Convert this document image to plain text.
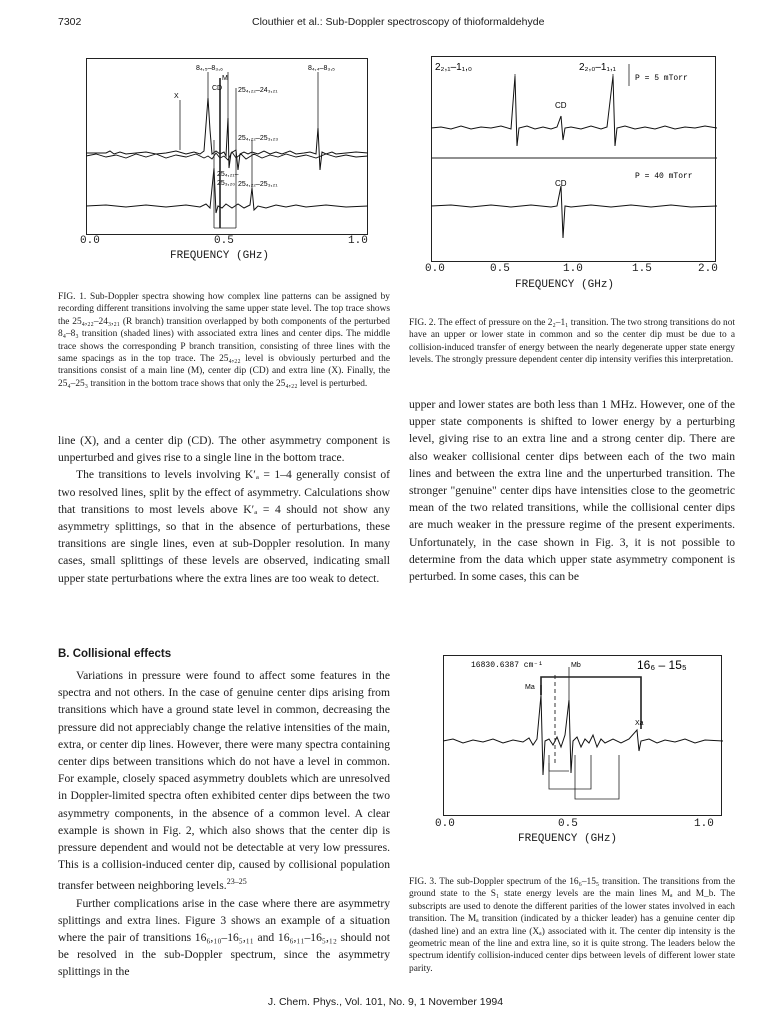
7302	Clouthier et al.: Sub-Doppler spectroscopy of thioformaldehyde
8₄,₅–8₃,₆	8₄,₄–8₃,₅
M
CD
X
25₄,₂₂–24₃,₂₁
25₄,₂₂–25₃,₂₃
25₄,₂₁–
25₃,₂₀ 25₄,₂₂–25₃,₂₁
0.0	0.5	1.0
FREQUENCY (GHz)
FIG. 1. Sub-Doppler spectra showing how complex line patterns can be assigned by recording different transitions involving the same upper state level. The top trace shows the 25₄,₂₂–24₃,₂₁ (R branch) transition overlapped by both components of the perturbed 8₄–8₃ transition (shaded lines) with associated extra lines and center dips. The middle trace shows the corresponding P branch transition, consisting of three lines with the same spacings as in the top trace. The 25₄,₂₂ level is obviously perturbed and the transitions consist of a main line (M), center dip (CD) and extra line (X). Finally, the 25₄–25₃ transition in the bottom trace shows that only the 25₄,₂₂ level is perturbed.
2₂,₁–1₁,₀	2₂,₀–1₁,₁
CD
CD
P = 5 mTorr
P = 40 mTorr
0.0	0.5	1.0	1.5	2.0
FREQUENCY (GHz)
FIG. 2. The effect of pressure on the 2₂–1₁ transition. The two strong transitions do not have an upper or lower state in common and so the center dip must be due to a collision-induced transfer of energy between the nearly degenerate upper state energy levels. The strongly pressure dependent center dip intensity verifies this interpretation.

line (X), and a center dip (CD). The other asymmetry component is unperturbed and gives rise to a single line in the bottom trace.

The transitions to levels involving K′ₐ = 1–4 generally consist of two resolved lines, split by the effect of asymmetry. Calculations show that transitions to most levels above K′ₐ = 4 should not show any asymmetry splittings, so that in the absence of perturbations, these transitions are single lines, even at sub-Doppler resolution. In many cases, small splittings of these levels are observed, indicating small upper state perturbations where the extra lines are too weak to detect.

B. Collisional effects

Variations in pressure were found to affect some features in the spectra and not others. In the case of genuine center dips arising from transitions which have a ground state level in common, decreasing the pressure did not appreciably change the relative intensities of the main, extra, or center dip lines. However, there were many spectra containing center dips between transitions which do not have a level in common. For example, closely spaced asymmetry doublets which are unresolved in Doppler-limited spectra often exhibited center dips between the two asymmetry components, in the absence of a common level. A clear example is shown in Fig. 2, which also shows that the center dip is pressure dependent and would not be detectable at very low pressures. This is a collision-induced center dip, caused by collisional population transfer between neighboring levels.$^{23-25}$

Further complications arise in the case where there are asymmetry splittings and extra lines. Figure 3 shows an example of a situation where the pair of transitions 16₆,₁₀–16₅,₁₁ and 16₆,₁₁–16₅,₁₂ should not be resolved in the sub-Doppler spectrum, since the asymmetry splittings in the

upper and lower states are both less than 1 MHz. However, one of the upper state components is shifted to lower energy by a perturbing level, giving rise to an extra line and a strong center dip. There are also weaker collisional center dips between each of the two main lines and between the extra line and the unperturbed transition. The stronger "genuine" center dips have intensities close to the geometric mean of the two related transitions, while the collisional center dips are much weaker in the pressure regime of the present experiments. Unfortunately, in the case shown in Fig. 3, it is not possible to determine from the data which upper state asymmetry component is perturbed. In some cases, this can be

16830.6387 cm⁻¹	Mb
Ma
Xa
16₆ – 15₅
0.0	0.5	1.0
FREQUENCY (GHz)
FIG. 3. The sub-Doppler spectrum of the 16₆–15₅ transition. The transitions from the ground state to the S₁ state energy levels are the main lines Mₐ and M_b. The subscripts are used to denote the different parities of the lower states involved in each transition. The Mₐ transition (indicated by a thicker leader) has a genuine center dip (dashed line) and an extra line (Xₐ) associated with it. The center dip intensity is the geometric mean of the line and extra line, so it is quite strong. The leaders below the spectrum identify collision-induced center dips between levels of different lower state parity.
J. Chem. Phys., Vol. 101, No. 9, 1 November 1994
